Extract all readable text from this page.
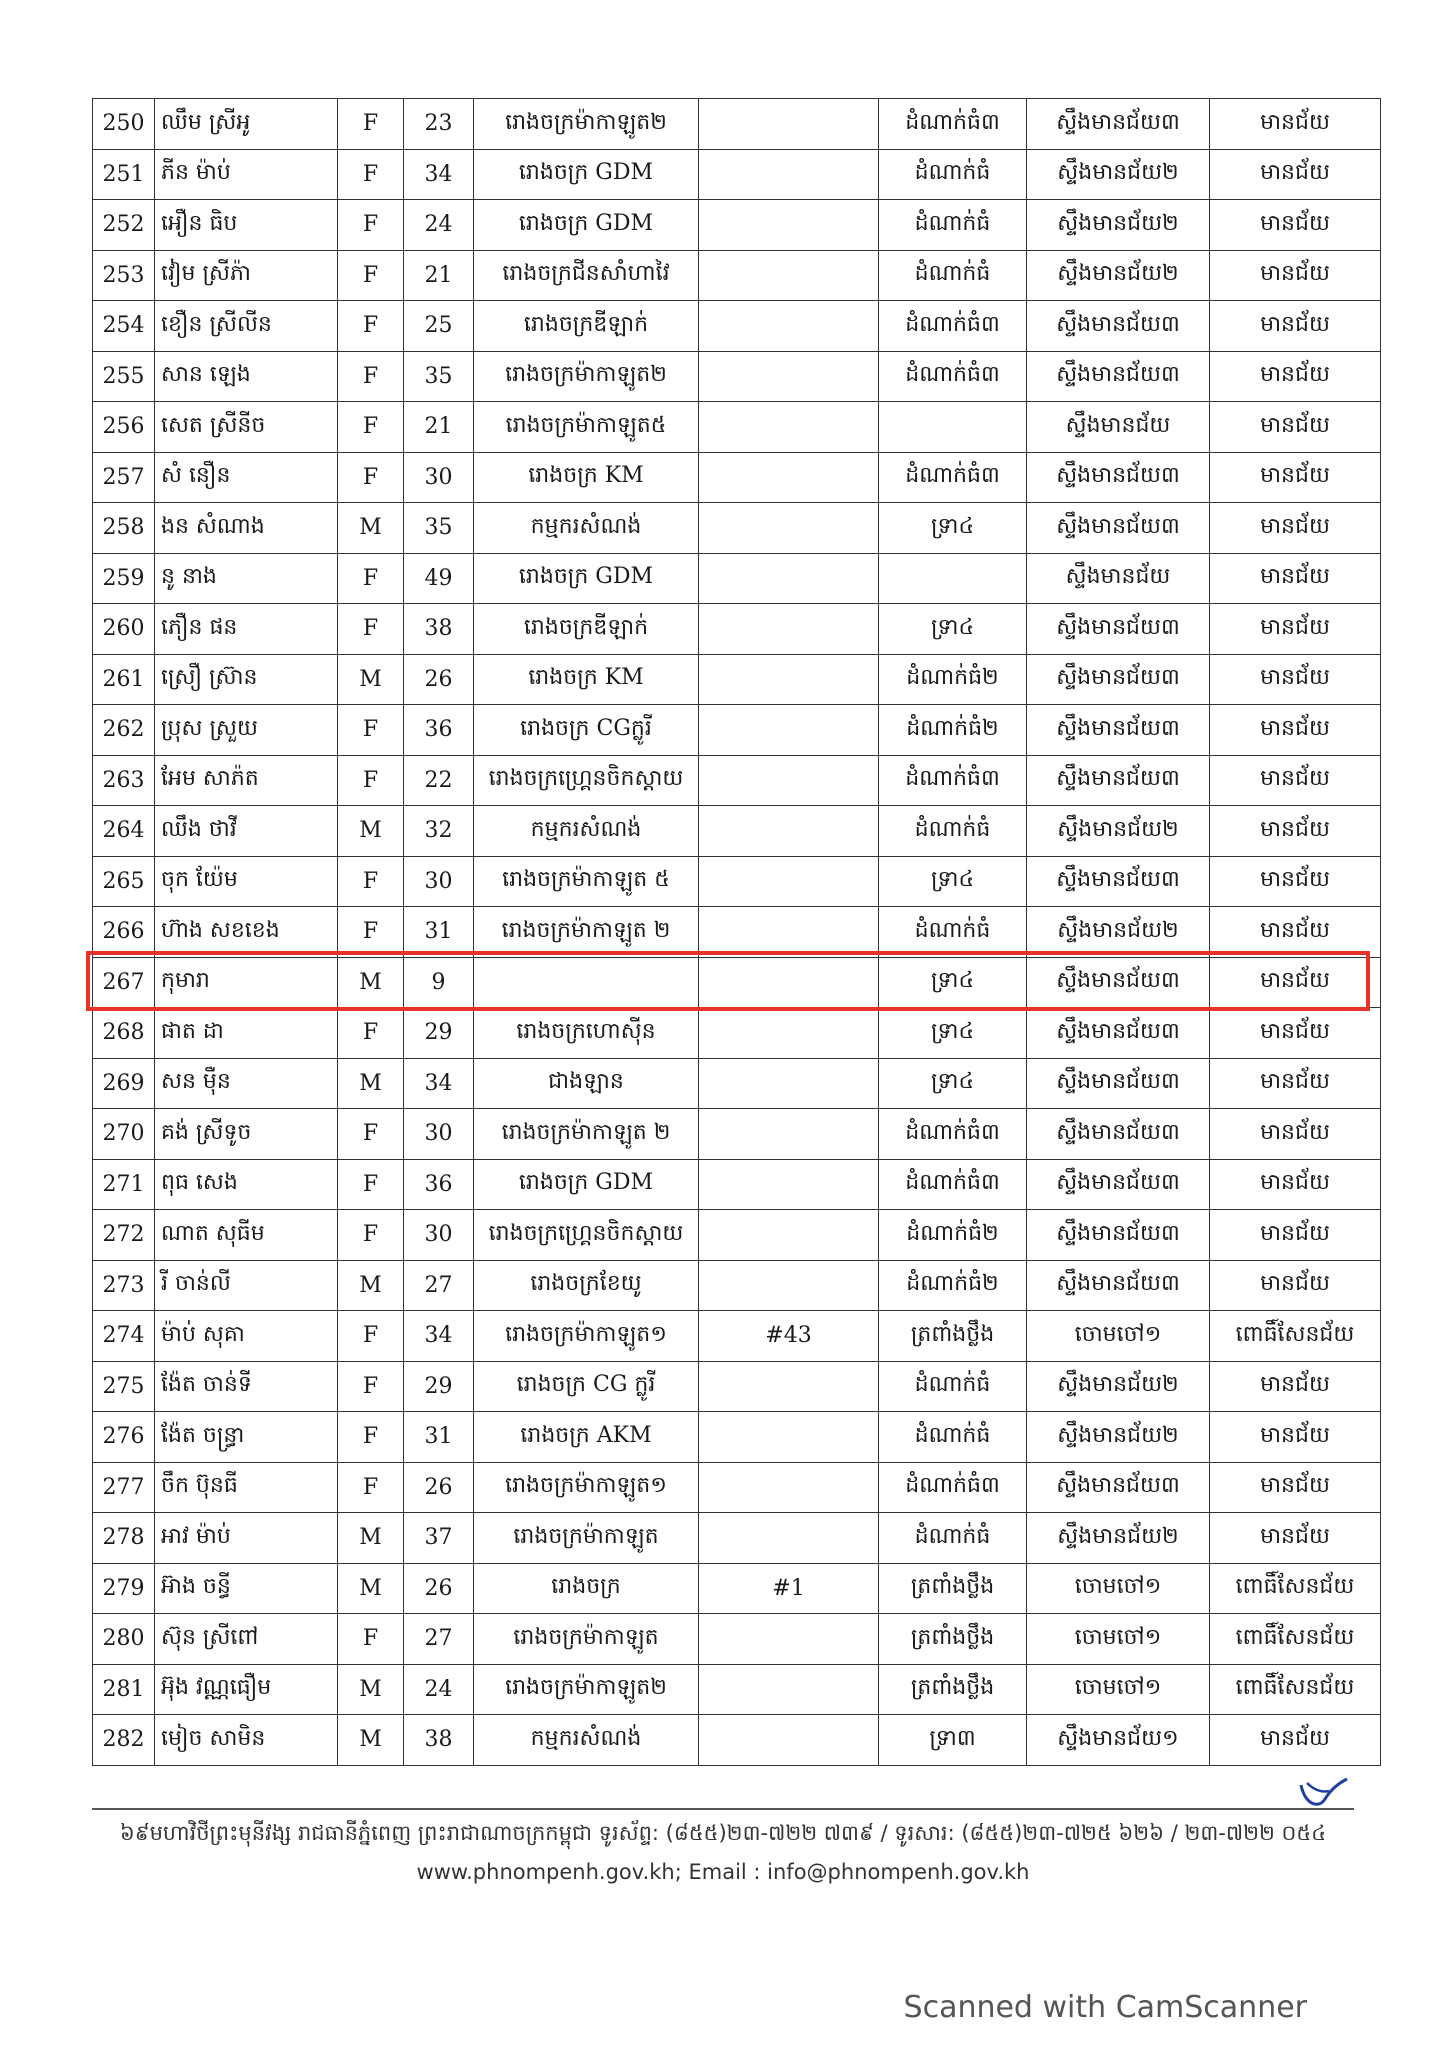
250	ឈឹម ស្រីអូ	F	23	រោងចក្រម៉ាកាឡូត២		ដំណាក់ធំ៣	ស្ទឹងមានជ័យ៣	មានជ័យ
251	ភីន ម៉ាប់	F	34	រោងចក្រ GDM		ដំណាក់ធំ	ស្ទឹងមានជ័យ២	មានជ័យ
252	អឿន ធិប	F	24	រោងចក្រ GDM		ដំណាក់ធំ	ស្ទឹងមានជ័យ២	មានជ័យ
253	វៀម ស្រីភ៉ា	F	21	រោងចក្រជីនសាំហាវៃ		ដំណាក់ធំ	ស្ទឹងមានជ័យ២	មានជ័យ
254	ខឿន ស្រីលីន	F	25	រោងចក្រឌីឡាក់		ដំណាក់ធំ៣	ស្ទឹងមានជ័យ៣	មានជ័យ
255	សាន ឡេង	F	35	រោងចក្រម៉ាកាឡូត២		ដំណាក់ធំ៣	ស្ទឹងមានជ័យ៣	មានជ័យ
256	សេត ស្រីនីច	F	21	រោងចក្រម៉ាកាឡូត៥			ស្ទឹងមានជ័យ	មានជ័យ
257	សំ នឿន	F	30	រោងចក្រ KM		ដំណាក់ធំ៣	ស្ទឹងមានជ័យ៣	មានជ័យ
258	ងន សំណាង	M	35	កម្មករសំណង់		ទ្រា៤	ស្ទឹងមានជ័យ៣	មានជ័យ
259	នូ នាង	F	49	រោងចក្រ GDM			ស្ទឹងមានជ័យ	មានជ័យ
260	ភឿន ផន	F	38	រោងចក្រឌីឡាក់		ទ្រា៤	ស្ទឹងមានជ័យ៣	មានជ័យ
261	ស្រឿ ស្រ៊ាន	M	26	រោងចក្រ KM		ដំណាក់ធំ២	ស្ទឹងមានជ័យ៣	មានជ័យ
262	ប្រុស ស្រួយ	F	36	រោងចក្រ CGក្លូរី		ដំណាក់ធំ២	ស្ទឹងមានជ័យ៣	មានជ័យ
263	អែម សាភ៉ត	F	22	រោងចក្រហ្គ្រេនចិកស្តាយ		ដំណាក់ធំ៣	ស្ទឹងមានជ័យ៣	មានជ័យ
264	ឈឹង ថាវី	M	32	កម្មករសំណង់		ដំណាក់ធំ	ស្ទឹងមានជ័យ២	មានជ័យ
265	ចុក យ៉ែម	F	30	រោងចក្រម៉ាកាឡូត ៥		ទ្រា៤	ស្ទឹងមានជ័យ៣	មានជ័យ
266	ហ៊ាង សខខេង	F	31	រោងចក្រម៉ាកាឡូត ២		ដំណាក់ធំ	ស្ទឹងមានជ័យ២	មានជ័យ
267	កុមារា	M	9			ទ្រា៤	ស្ទឹងមានជ័យ៣	មានជ័យ
268	ផាត ដា	F	29	រោងចក្រហោស៊ីន		ទ្រា៤	ស្ទឹងមានជ័យ៣	មានជ័យ
269	សន ម៉ឺន	M	34	ជាងឡាន		ទ្រា៤	ស្ទឹងមានជ័យ៣	មានជ័យ
270	គង់ ស្រីទូច	F	30	រោងចក្រម៉ាកាឡូត ២		ដំណាក់ធំ៣	ស្ទឹងមានជ័យ៣	មានជ័យ
271	ពុធ សេង	F	36	រោងចក្រ GDM		ដំណាក់ធំ៣	ស្ទឹងមានជ័យ៣	មានជ័យ
272	ណាត សុធីម	F	30	រោងចក្រហ្គ្រេនចិកស្តាយ		ដំណាក់ធំ២	ស្ទឹងមានជ័យ៣	មានជ័យ
273	រី ចាន់លី	M	27	រោងចក្រខែយូ		ដំណាក់ធំ២	ស្ទឹងមានជ័យ៣	មានជ័យ
274	ម៉ាប់ សុគា	F	34	រោងចក្រម៉ាកាឡូត១	#43	ត្រពាំងថ្លឹង	ចោមចៅ១	ពោធិ៍សែនជ័យ
275	ង៉ែត ចាន់ទី	F	29	រោងចក្រ CG ក្លូរី		ដំណាក់ធំ	ស្ទឹងមានជ័យ២	មានជ័យ
276	ង៉ែត ចន្ធ្រា	F	31	រោងចក្រ AKM		ដំណាក់ធំ	ស្ទឹងមានជ័យ២	មានជ័យ
277	ចឹក ប៊ុនធី	F	26	រោងចក្រម៉ាកាឡូត១		ដំណាក់ធំ៣	ស្ទឹងមានជ័យ៣	មានជ័យ
278	អាវ ម៉ាប់	M	37	រោងចក្រម៉ាកាឡូត		ដំណាក់ធំ	ស្ទឹងមានជ័យ២	មានជ័យ
279	អ៊ាង ចន្ធី	M	26	រោងចក្រ	#1	ត្រពាំងថ្លឹង	ចោមចៅ១	ពោធិ៍សែនជ័យ
280	ស៊ុន ស្រីពៅ	F	27	រោងចក្រម៉ាកាឡូត		ត្រពាំងថ្លឹង	ចោមចៅ១	ពោធិ៍សែនជ័យ
281	អ៊ុង វណ្ណធឿម	M	24	រោងចក្រម៉ាកាឡូត២		ត្រពាំងថ្លឹង	ចោមចៅ១	ពោធិ៍សែនជ័យ
282	មៀច សាមិន	M	38	កម្មករសំណង់		ទ្រា៣	ស្ទឹងមានជ័យ១	មានជ័យ
៦៩មហាវិថីព្រះមុនីវង្ស រាជធានីភ្នំពេញ ព្រះរាជាណាចក្រកម្ពុជា ទូរស័ព្ទ: (៨៥៥)២៣-៧២២ ៧៣៩ / ទូរសារ: (៨៥៥)២៣-៧២៥ ៦២៦ / ២៣-៧២២ ០៥៤
www.phnompenh.gov.kh; Email : info@phnompenh.gov.kh
Scanned with CamScanner
